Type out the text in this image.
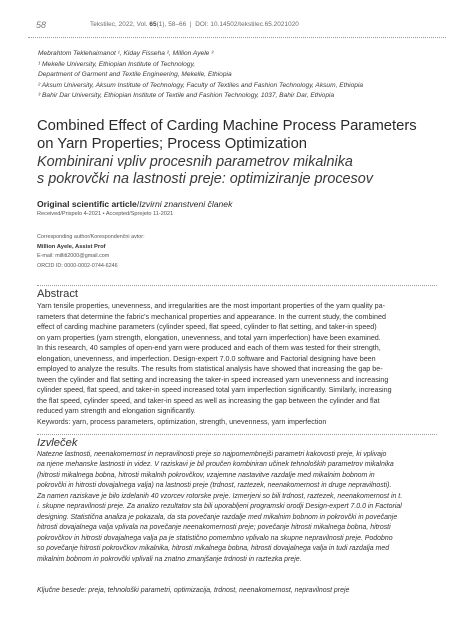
58	Tekstilec, 2022, Vol. 65(1), 58–66 | DOI: 10.14502/tekstilec.65.2021020
Mebrahtom Teklehaimanot ¹, Kiday Fisseha ², Million Ayele ³
¹ Mekelle University, Ethiopian Institute of Technology,
Department of Garment and Textile Engineering, Mekelle, Ethiopia
² Aksum University, Aksum Institute of Technology, Faculty of Textiles and Fashion Technology, Aksum, Ethiopia
³ Bahir Dar University, Ethiopian Institute of Textile and Fashion Technology, 1037, Bahir Dar, Ethiopia
Combined Effect of Carding Machine Process Parameters
on Yarn Properties; Process Optimization
Kombinirani vpliv procesnih parametrov mikalnika
s pokrovčki na lastnosti preje: optimiziranje procesov
Original scientific article/Izvirni znanstveni članek
Received/Prispelo 4-2021 • Accepted/Sprejeto 11-2021
Corresponding author/Korespondenčni avtor:
Million Ayele, Assist Prof
E-mail: milliti2000@gmail.com
ORCID ID: 0000-0002-0744-6246
Abstract
Yarn tensile properties, unevenness, and irregularities are the most important properties of the yarn quality pa-
rameters that determine the fabric's mechanical properties and appearance. In the current study, the combined
effect of carding machine parameters (cylinder speed, flat speed, cylinder to flat setting, and taker-in speed)
on yarn properties (yarn strength, elongation, unevenness, and total yarn imperfection) have been examined.
In this research, 40 samples of open-end yarn were produced and each of them was tested for their strength,
elongation, unevenness, and imperfection. Design-expert 7.0.0 software and Factorial designing have been
employed to analyze the results. The results from statistical analysis have showed that increasing the gap be-
tween the cylinder and flat setting and increasing the taker-in speed increased yarn unevenness and increasing
cylinder speed, flat speed, and taker-in speed increased total yarn imperfection significantly. Similarly, increasing
the flat speed, cylinder speed, and taker-in speed as well as increasing the gap between the cylinder and flat
reduced yarn strength and elongation significantly.
Keywords: yarn, process parameters, optimization, strength, unevenness, yarn imperfection
Izvleček
Natezne lastnosti, neenakomernost in nepravilnosti preje so najpomembnejši parametri kakovosti preje, ki vplivajo
na njene mehanske lastnosti in videz. V raziskavi je bil proučen kombiniran učinek tehnoloških parametrov mikalnika
(hitrosti mikalnega bobna, hitrosti mikalnih pokrovčkov, vzajemne nastavitve razdalje med mikalnim bobnom in
pokrovčki in hitrosti dovajalnega valja) na lastnosti preje (trdnost, raztezek, neenakomernost in druge nepravilnosti).
Za namen raziskave je bilo izdelanih 40 vzorcev rotorske preje. Izmerjeni so bili trdnost, raztezek, neenakomernost in t.
i. skupne nepravilnosti preje. Za analizo rezultatov sta bili uporabljeni programski orodji Design-expert 7.0.0 in Factorial
designing. Statistična analiza je pokazala, da sta povečanje razdalje med mikalnim bobnom in pokrovčki in povečanje
hitrosti dovajalnega valja vplivala na povečanje neenakomernosti preje; povečanje hitrosti mikalnega bobna, hitrosti
pokrovčkov in hitrosti dovajalnega valja pa je statistično pomembno vplivalo na skupne nepravilnosti preje. Podobno
so povečanje hitrosti pokrovčkov mikalnika, hitrosti mikalnega bobna, hitrosti dovajalnega valja in tudi razdalja med
mikalnim bobnom in pokrovčki vplivali na znatno zmanjšanje trdnosti in raztezka preje.
Ključne besede: preja, tehnološki parametri, optimizacija, trdnost, neenakomernost, nepravilnost preje
